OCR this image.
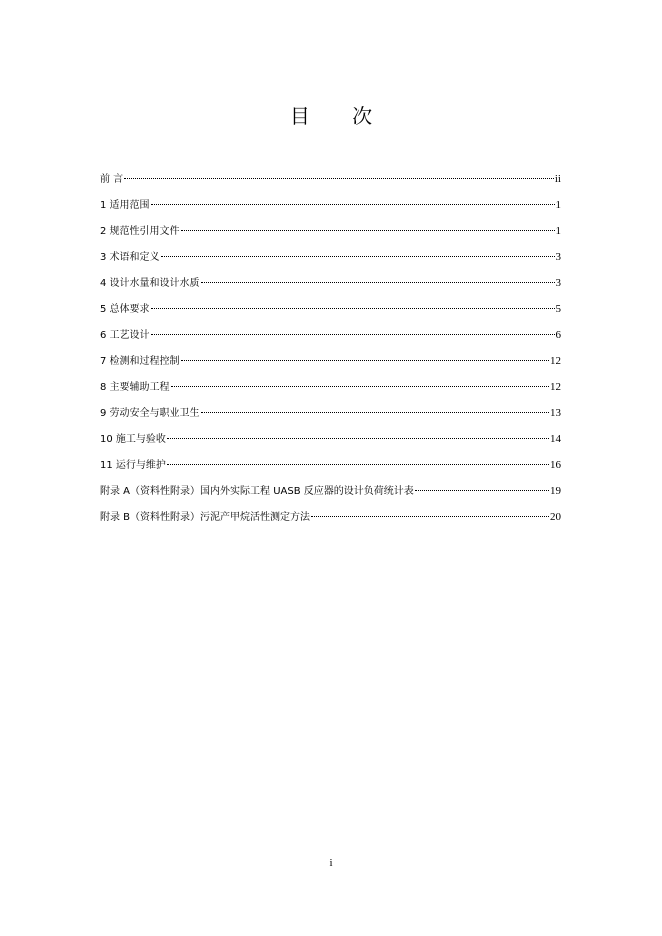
目 次
前 言	ii
1 适用范围	1
2 规范性引用文件	1
3 术语和定义	3
4 设计水量和设计水质	3
5 总体要求	5
6 工艺设计	6
7 检测和过程控制	12
8 主要辅助工程	12
9 劳动安全与职业卫生	13
10 施工与验收	14
11 运行与维护	16
附录 A（资料性附录）国内外实际工程 UASB 反应器的设计负荷统计表	19
附录 B（资料性附录）污泥产甲烷活性测定方法	20
i
